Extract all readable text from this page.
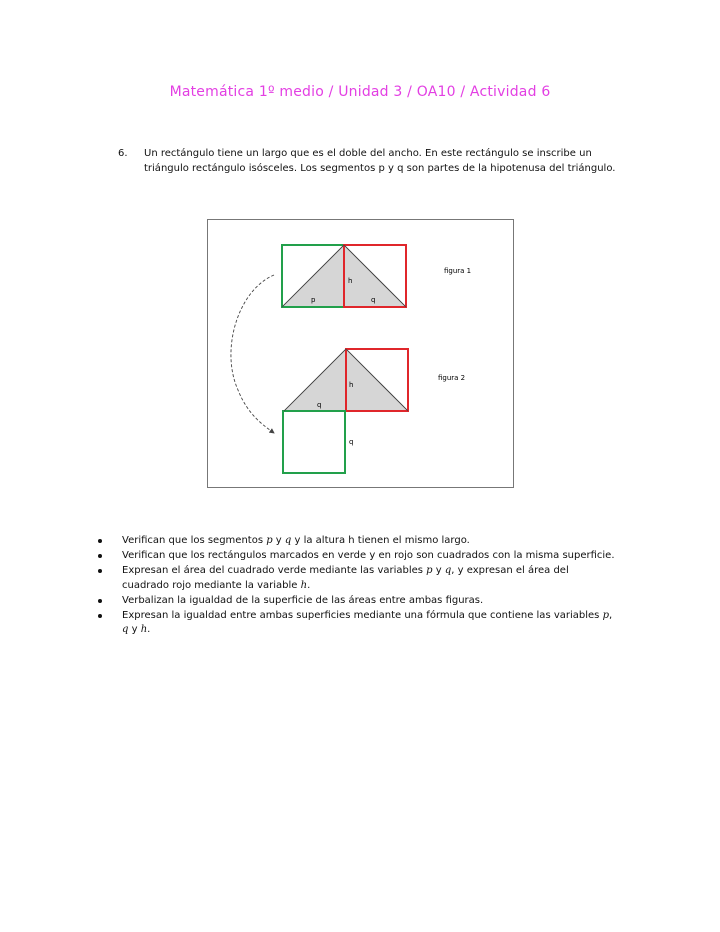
Matemática 1º medio / Unidad 3 / OA10 / Actividad 6
6. Un rectángulo tiene un largo que es el doble del ancho. En este rectángulo se inscribe un triángulo rectángulo isósceles. Los segmentos p y q son partes de la hipotenusa del triángulo.
h
p	q
figura 1
h
q
q
figura 2
Verifican que los segmentos p y q y la altura h tienen el mismo largo.
Verifican que los rectángulos marcados en verde y en rojo son cuadrados con la misma superficie.
Expresan el área del cuadrado verde mediante las variables p y q, y expresan el área del cuadrado rojo mediante la variable h.
Verbalizan la igualdad de la superficie de las áreas entre ambas figuras.
Expresan la igualdad entre ambas superficies mediante una fórmula que contiene las variables p, q y h.
